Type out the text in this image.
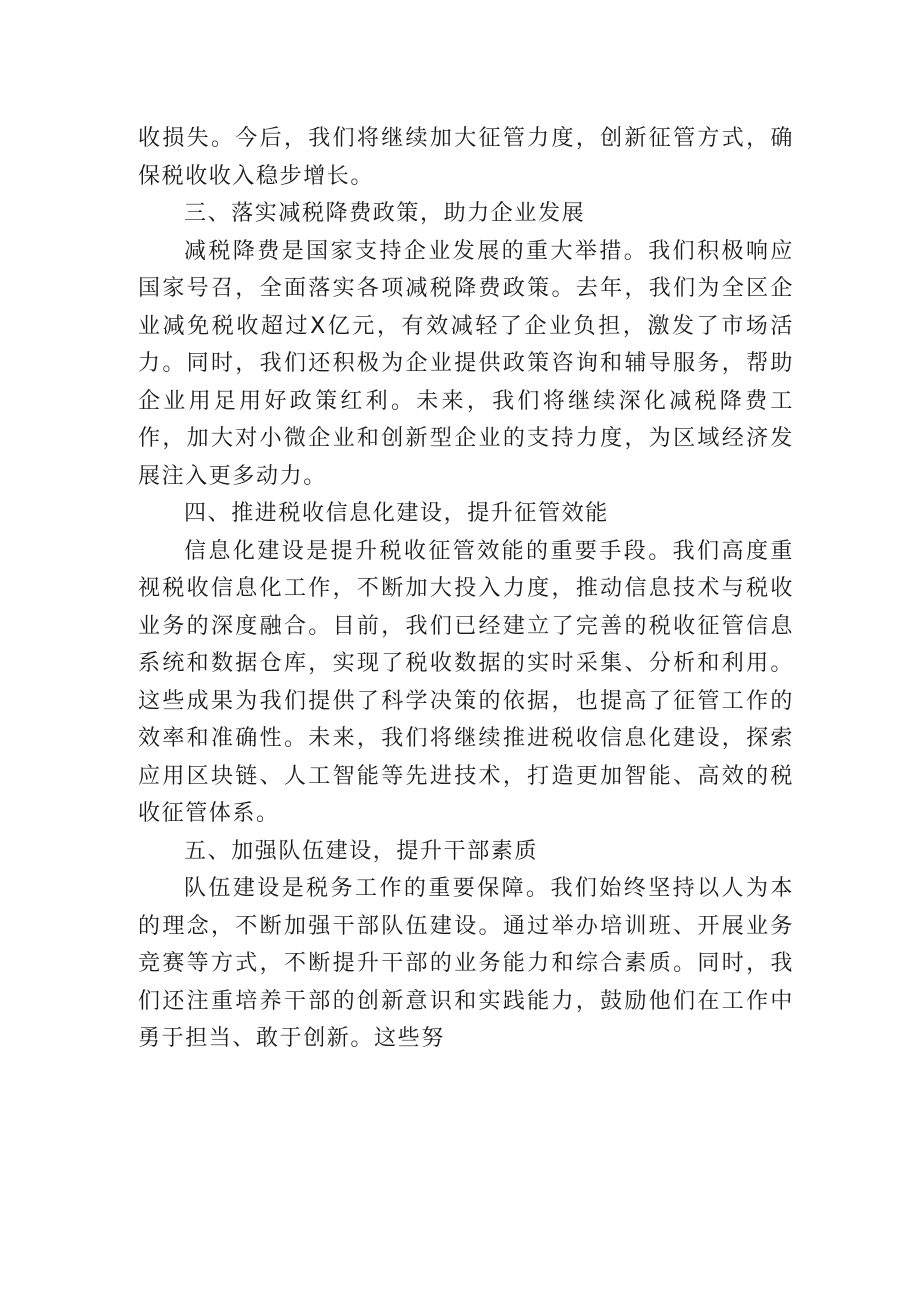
收损失。今后，我们将继续加大征管力度，创新征管方式，确保税收收入稳步增长。

三、落实减税降费政策，助力企业发展

减税降费是国家支持企业发展的重大举措。我们积极响应国家号召，全面落实各项减税降费政策。去年，我们为全区企业减免税收超过X亿元，有效减轻了企业负担，激发了市场活力。同时，我们还积极为企业提供政策咨询和辅导服务，帮助企业用足用好政策红利。未来，我们将继续深化减税降费工作，加大对小微企业和创新型企业的支持力度，为区域经济发展注入更多动力。

四、推进税收信息化建设，提升征管效能

信息化建设是提升税收征管效能的重要手段。我们高度重视税收信息化工作，不断加大投入力度，推动信息技术与税收业务的深度融合。目前，我们已经建立了完善的税收征管信息系统和数据仓库，实现了税收数据的实时采集、分析和利用。这些成果为我们提供了科学决策的依据，也提高了征管工作的效率和准确性。未来，我们将继续推进税收信息化建设，探索应用区块链、人工智能等先进技术，打造更加智能、高效的税收征管体系。

五、加强队伍建设，提升干部素质

队伍建设是税务工作的重要保障。我们始终坚持以人为本的理念，不断加强干部队伍建设。通过举办培训班、开展业务竞赛等方式，不断提升干部的业务能力和综合素质。同时，我们还注重培养干部的创新意识和实践能力，鼓励他们在工作中勇于担当、敢于创新。这些努
